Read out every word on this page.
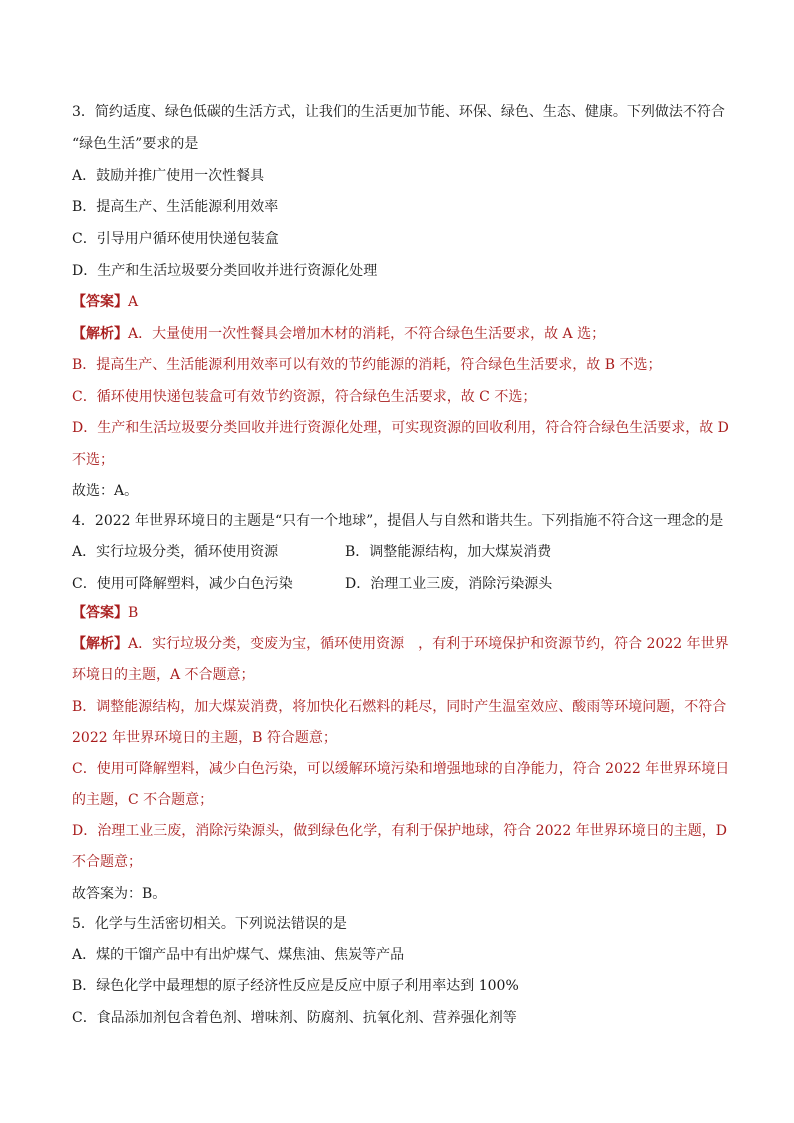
3．简约适度、绿色低碳的生活方式，让我们的生活更加节能、环保、绿色、生态、健康。下列做法不符合
“绿色生活”要求的是
A．鼓励并推广使用一次性餐具
B．提高生产、生活能源利用效率
C．引导用户循环使用快递包装盒
D．生产和生活垃圾要分类回收并进行资源化处理
【答案】A
【解析】A．大量使用一次性餐具会增加木材的消耗，不符合绿色生活要求，故 A 选；
B．提高生产、生活能源利用效率可以有效的节约能源的消耗，符合绿色生活要求，故 B 不选；
C．循环使用快递包装盒可有效节约资源，符合绿色生活要求，故 C 不选；
D．生产和生活垃圾要分类回收并进行资源化处理，可实现资源的回收利用，符合符合绿色生活要求，故 D
不选；
故选：A。
4．2022 年世界环境日的主题是“只有一个地球”，提倡人与自然和谐共生。下列指施不符合这一理念的是
A．实行垃圾分类，循环使用资源	B．调整能源结构，加大煤炭消费
C．使用可降解塑料，减少白色污染	D．治理工业三废，消除污染源头
【答案】B
【解析】A．实行垃圾分类，变废为宝，循环使用资源　，有利于环境保护和资源节约，符合 2022 年世界
环境日的主题，A 不合题意；
B．调整能源结构，加大煤炭消费，将加快化石燃料的耗尽，同时产生温室效应、酸雨等环境问题，不符合
2022 年世界环境日的主题，B 符合题意；
C．使用可降解塑料，减少白色污染，可以缓解环境污染和增强地球的自净能力，符合 2022 年世界环境日
的主题，C 不合题意；
D．治理工业三废，消除污染源头，做到绿色化学，有利于保护地球，符合 2022 年世界环境日的主题，D
不合题意；
故答案为：B。
5．化学与生活密切相关。下列说法错误的是
A．煤的干馏产品中有出炉煤气、煤焦油、焦炭等产品
B．绿色化学中最理想的原子经济性反应是反应中原子利用率达到 100%
C．食品添加剂包含着色剂、增味剂、防腐剂、抗氧化剂、营养强化剂等
